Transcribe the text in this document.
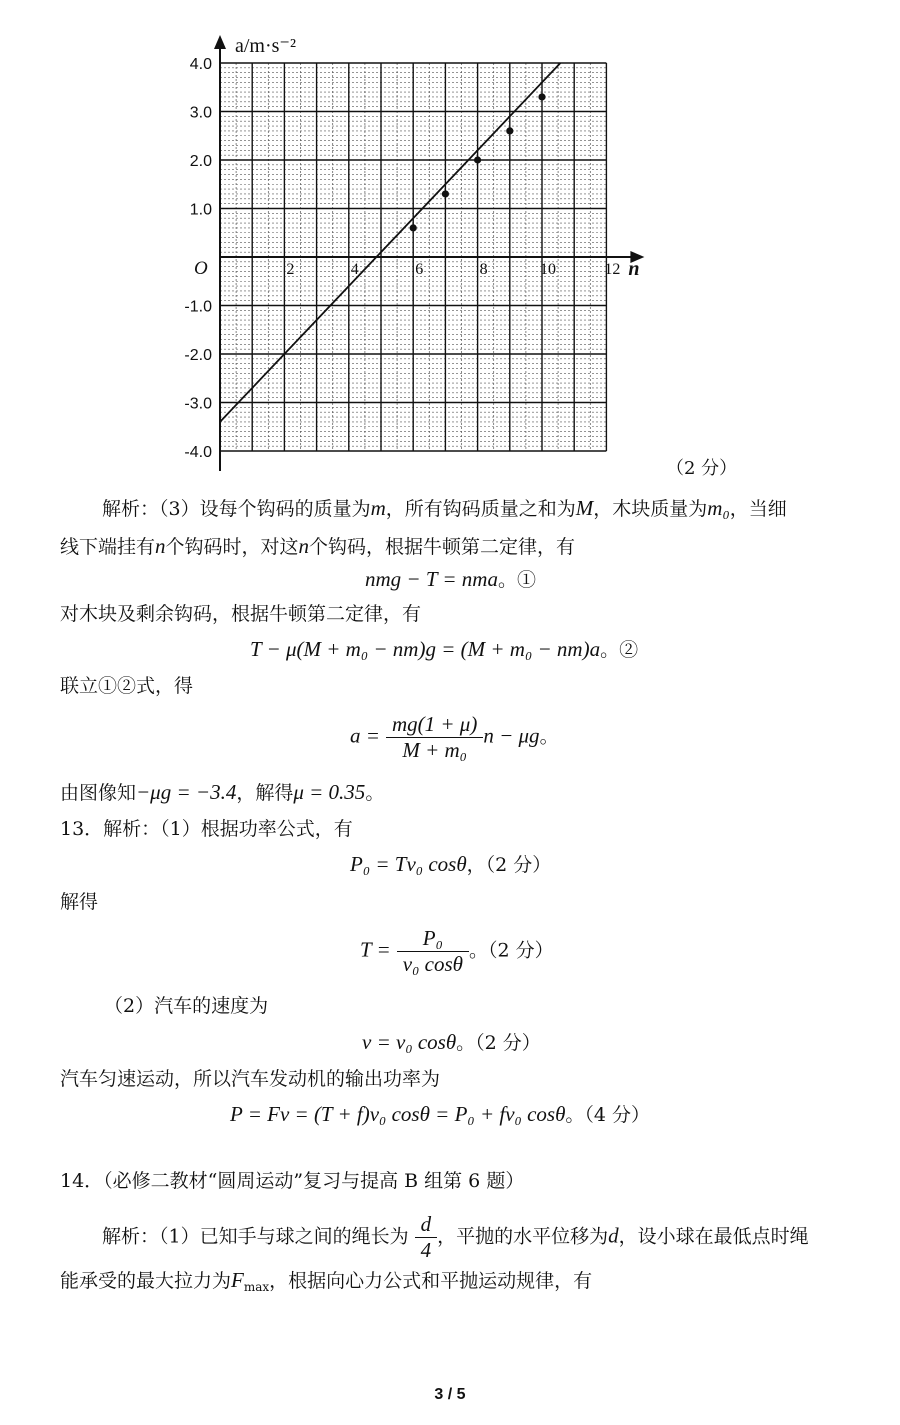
2	4	6	8	10	12
4.0
3.0
2.0
1.0
-1.0
-2.0
-3.0
-4.0
O	n
a/m·s⁻²
（2 分）
解析：（3）设每个钩码的质量为m，所有钩码质量之和为M，木块质量为m₀，当细
线下端挂有n个钩码时，对这n个钩码，根据牛顿第二定律，有
nmg − T = nma。①
对木块及剩余钩码，根据牛顿第二定律，有
T − μ(M + m₀ − nm)g = (M + m₀ − nm)a。②
联立①②式，得
$a = \frac{mg(1 + \mu)}{\text{M + m₀}}$ n − μg。
由图像知−μg = −3.4，解得μ = 0.35。
13．解析：（1）根据功率公式，有
P₀ = Tv₀ cosθ，（2 分）
解得
$T = \frac{\text{P₀}}{\text{v₀ cosθ}}$ 。（2 分）
（2）汽车的速度为
v = v₀ cosθ。（2 分）
汽车匀速运动，所以汽车发动机的输出功率为
P = Fv = (T + f)v₀ cosθ = P₀ + fv₀ cosθ。（4 分）
14．（必修二教材“圆周运动”复习与提高 B 组第 6 题）
解析：（1）已知手与球之间的绳长为 $\frac{d}{4}$ ，平抛的水平位移为d，设小球在最低点时绳
能承受的最大拉力为$F_{max}$，根据向心力公式和平抛运动规律，有
3 / 5
